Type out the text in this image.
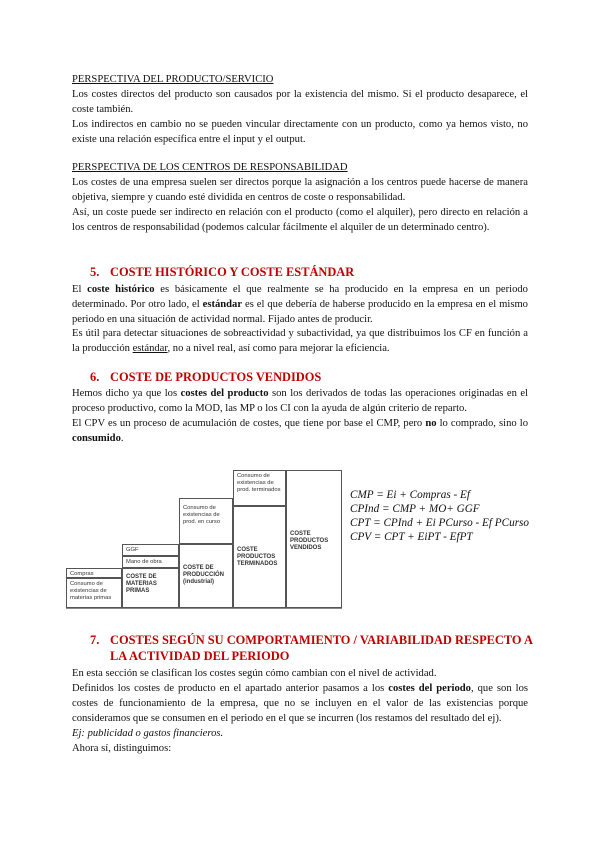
PERSPECTIVA DEL PRODUCTO/SERVICIO

Los costes directos del producto son causados por la existencia del mismo. Si el producto desaparece, el coste también.

Los indirectos en cambio no se pueden vincular directamente con un producto, como ya hemos visto, no existe una relación específica entre el input y el output.

PERSPECTIVA DE LOS CENTROS DE RESPONSABILIDAD

Los costes de una empresa suelen ser directos porque la asignación a los centros puede hacerse de manera objetiva, siempre y cuando esté dividida en centros de coste o responsabilidad.

Así, un coste puede ser indirecto en relación con el producto (como el alquiler), pero directo en relación a los centros de responsabilidad (podemos calcular fácilmente el alquiler de un determinado centro).

5. COSTE HISTÓRICO Y COSTE ESTÁNDAR

El coste histórico es básicamente el que realmente se ha producido en la empresa en un periodo determinado. Por otro lado, el estándar es el que debería de haberse producido en la empresa en el mismo periodo en una situación de actividad normal. Fijado antes de producir.

Es útil para detectar situaciones de sobreactividad y subactividad, ya que distribuimos los CF en función a la producción estándar, no a nivel real, así como para mejorar la eficiencia.

6. COSTE DE PRODUCTOS VENDIDOS

Hemos dicho ya que los costes del producto son los derivados de todas las operaciones originadas en el proceso productivo, como la MOD, las MP o los CI con la ayuda de algún criterio de reparto.

El CPV es un proceso de acumulación de costes, que tiene por base el CMP, pero no lo comprado, sino lo consumido.

Compras
Consumo de existencias de materias primas
COSTE DE MATERIAS PRIMAS
GGF
Mano de obra
Consumo de existencias de prod. en curso
COSTE DE PRODUCCIÓN (industrial)
Consumo de existencias de prod. terminados
COSTE PRODUCTOS TERMINADOS
COSTE PRODUCTOS VENDIDOS
CMP = Ei + Compras - Ef
CPInd = CMP + MO+ GGF
CPT = CPInd + Ei PCurso - Ef PCurso
CPV = CPT + EiPT - EfPT

7. COSTES SEGÚN SU COMPORTAMIENTO / VARIABILIDAD RESPECTO A

LA ACTIVIDAD DEL PERIODO

En esta sección se clasifican los costes según cómo cambian con el nivel de actividad.

Definidos los costes de producto en el apartado anterior pasamos a los costes del periodo, que son los costes de funcionamiento de la empresa, que no se incluyen en el valor de las existencias porque consideramos que se consumen en el periodo en el que se incurren (los restamos del resultado del ej).

Ej: publicidad o gastos financieros.

Ahora sí, distinguimos:
